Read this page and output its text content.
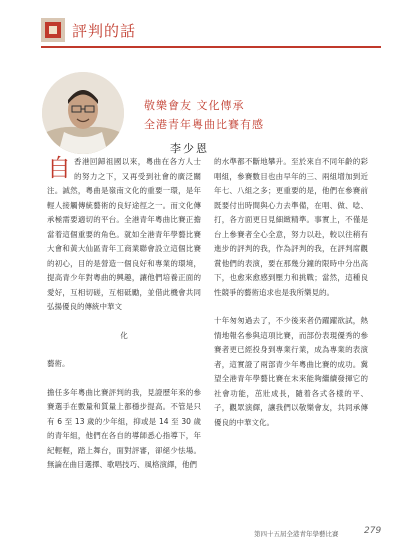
評判的話
敬樂會友 文化傳承
全港青年粵曲比賽有感
李少恩

自 香港回歸祖國以來，粵曲在各方人士的努力之下，又再受到社會的廣泛關注。誠然，粵曲是嶺南文化的重要一環，是年輕人接觸傳統藝術的良好途徑之一。而文化傳承極需要適切的平台。全港青年粵曲比賽正擔當着這個重要的角色。就如全港青年學藝比賽大會和黃大仙區青年工商業聯會設立這個比賽的初心，目的是營造一個良好和專業的環境，提高青少年對粵曲的興趣，讓他們培養正面的愛好，互相切磋，互相砥勵，並借此機會共同弘揚優良的傳統中華文

化

藝術。

擔任多年粵曲比賽評判的我，見證歷年來的參賽選手在數量和質量上都穩步提高。不管是只有 6 至 13 歲的少年組，抑或是 14 至 30 歲的青年組，他們在各自的導師悉心指導下，年紀輕輕，踏上舞台，面對評審，卻絕少怯場。無論在曲目選擇、歌唱技巧、風格演繹，他們

的水準都不斷地攀升。至於來自不同年齡的彩唱組，參賽數目也由早年的三、兩組增加到近年七、八組之多；更重要的是，他們在參賽前既要付出時間與心力去準備，在唱、做、唸、打，各方面更日見細緻精準。事實上，不僅是台上參賽者全心全意，努力以赴，較以往稍有進步的評判的我，作為評判的我，在評判席觀賞他們的表演，要在那幾分鐘的限時中分出高下，也愈來愈感到壓力和挑戰；當然，這種良性競爭的藝術追求也是我所樂見的。

十年匆匆過去了，不少後來者仍躍躍欲試，熱情地報名參與這項比賽，而部份表現優秀的參賽者更已經投身到專業行業，成為專業的表演者，這實證了兩部青少年粵曲比賽的成功。冀望全港青年學藝比賽在未來能夠繼續發揮它的社會功能，茁壯成長，隨着各式各樣的平、子，觀眾演繹，讓我們以敬樂會友，共同承傳優良的中華文化。

第四十五屆全港青年學藝比賽	279
